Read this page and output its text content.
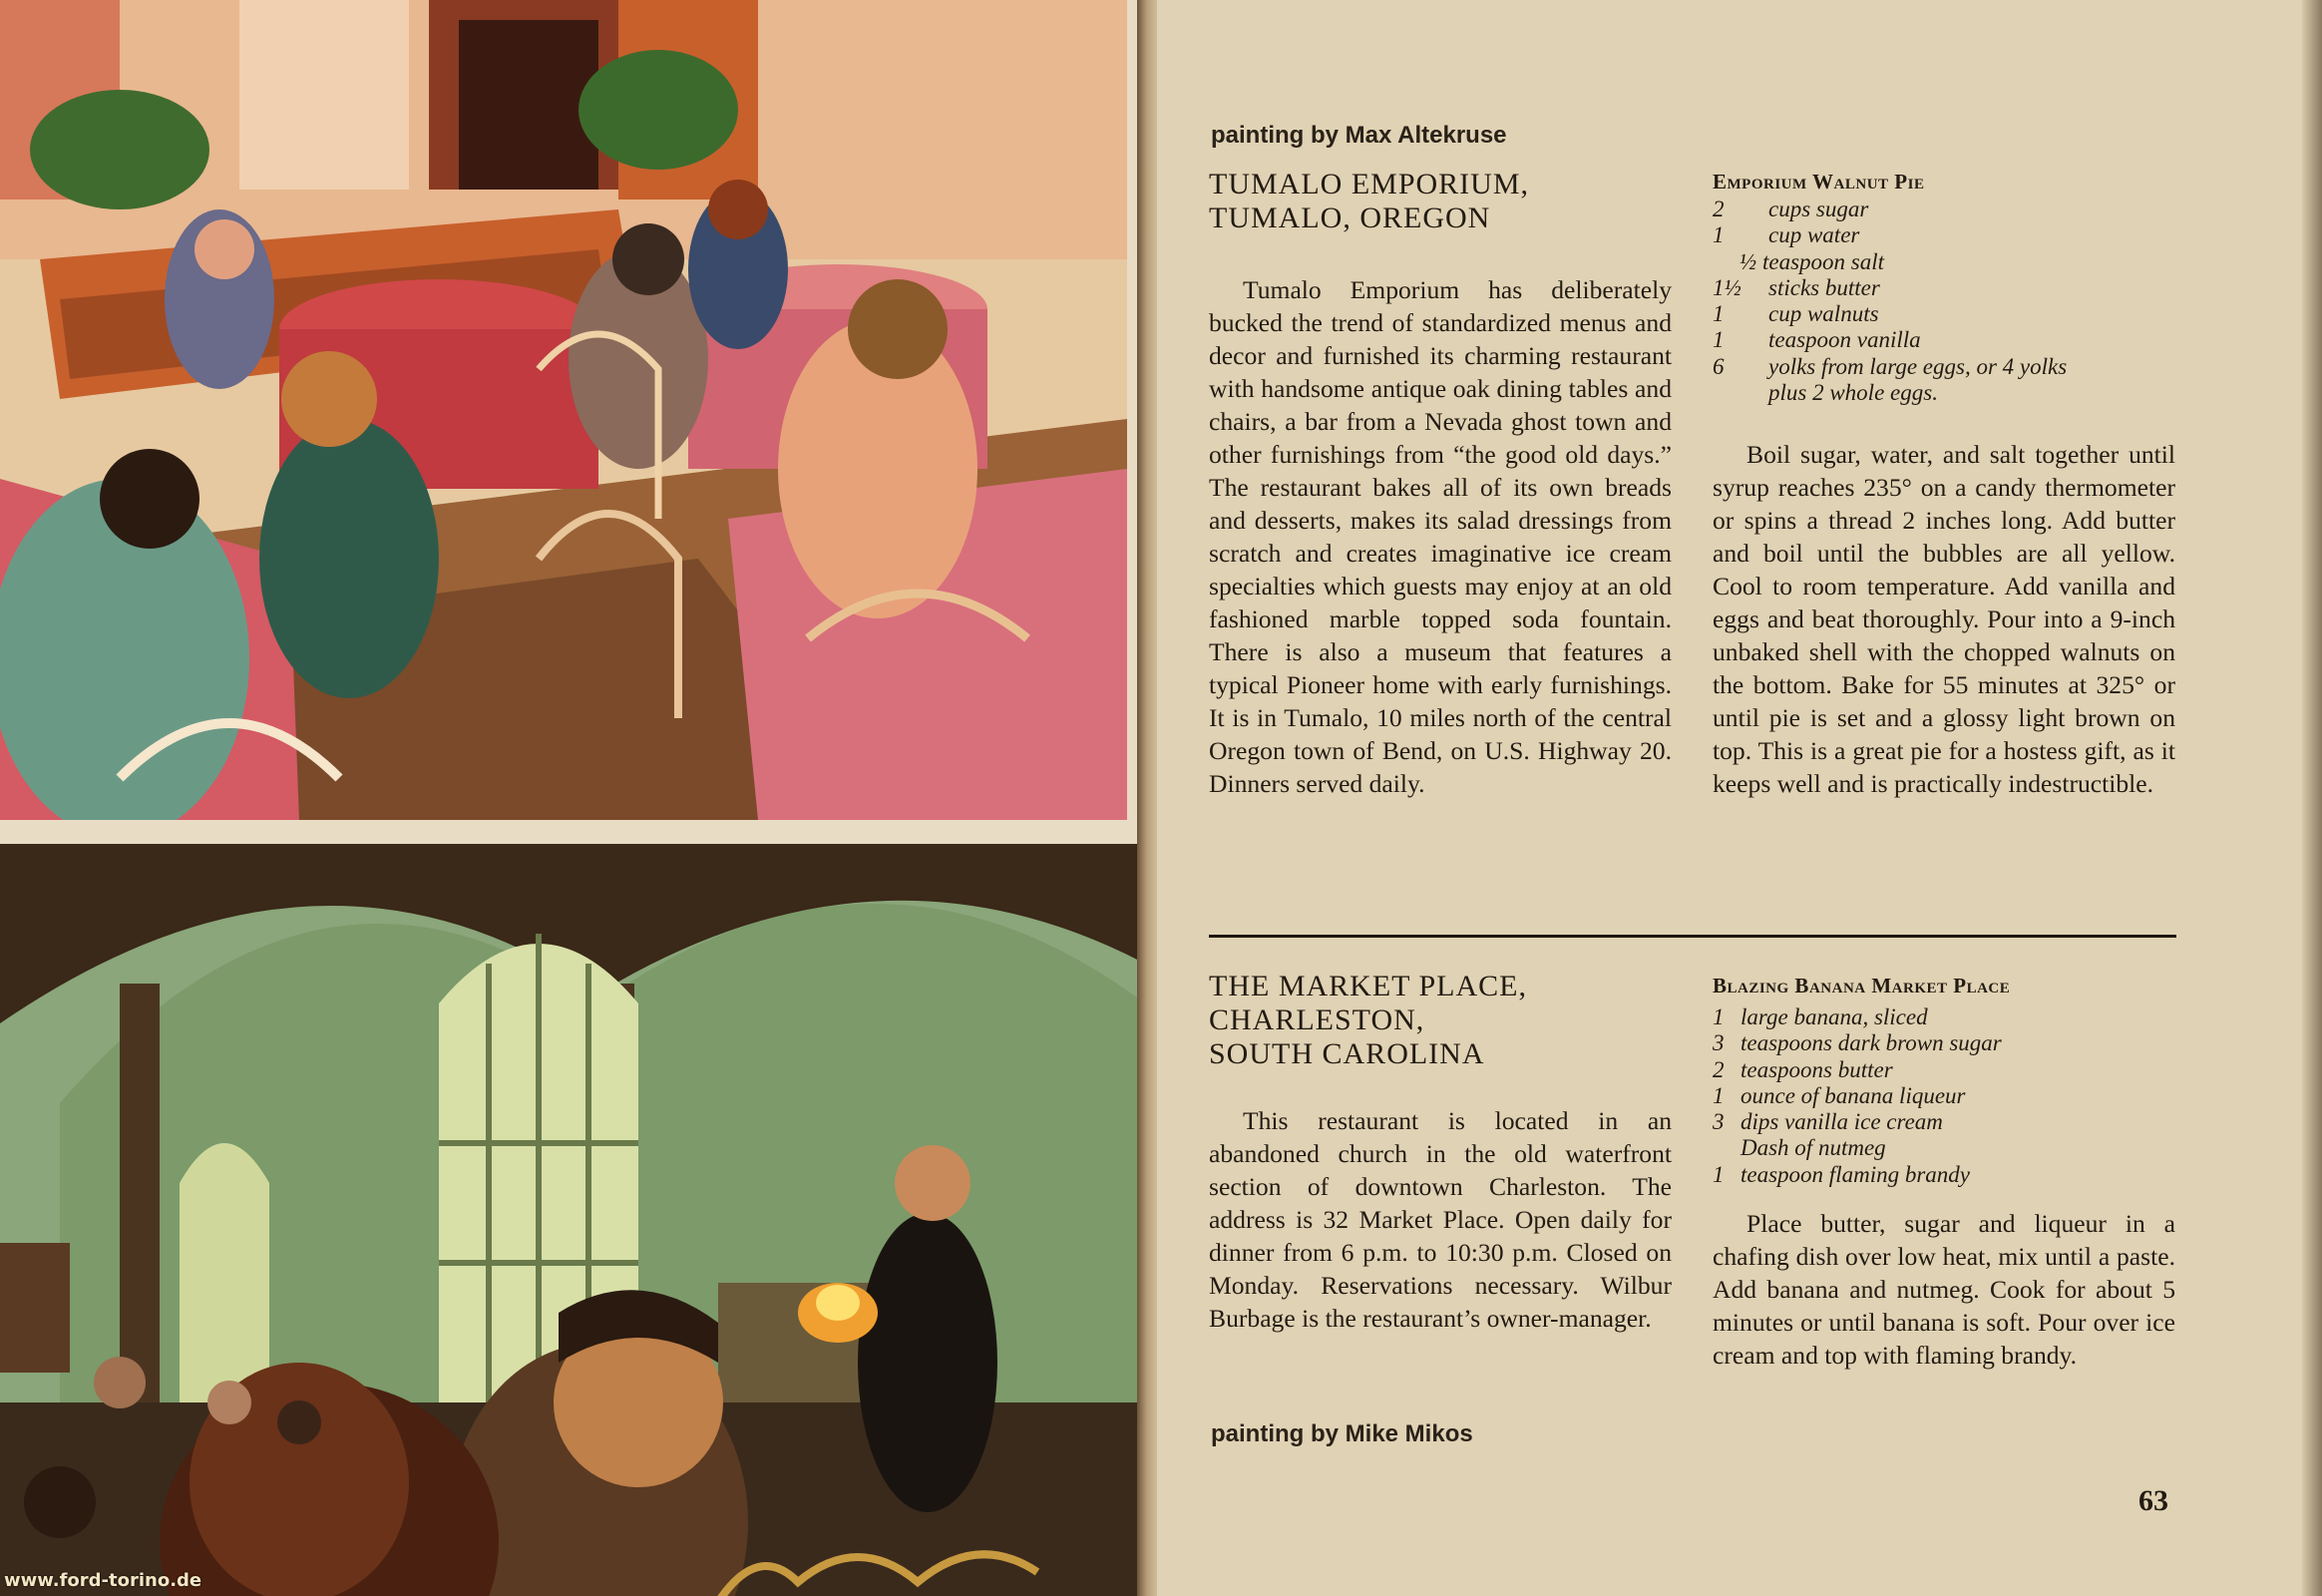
www.ford-torino.de
painting by Max Altekruse
TUMALO EMPORIUM,
TUMALO, OREGON

Tumalo Emporium has deliberately bucked the trend of standardized menus and decor and furnished its charming restaurant with handsome antique oak dining tables and chairs, a bar from a Nevada ghost town and other furnishings from “the good old days.” The restaurant bakes all of its own breads and desserts, makes its salad dressings from scratch and creates imaginative ice cream specialties which guests may enjoy at an old fashioned marble topped soda fountain. There is also a museum that features a typical Pioneer home with early furnishings. It is in Tumalo, 10 miles north of the central Oregon town of Bend, on U.S. Highway 20. Dinners served daily.

Emporium Walnut Pie
2 cups sugar
1 cup water
½ teaspoon salt
1½ sticks butter
1 cup walnuts
1 teaspoon vanilla
6 yolks from large eggs, or 4 yolks
plus 2 whole eggs.

Boil sugar, water, and salt together until syrup reaches 235° on a candy thermometer or spins a thread 2 inches long. Add butter and boil until the bubbles are all yellow. Cool to room temperature. Add vanilla and eggs and beat thoroughly. Pour into a 9-inch unbaked shell with the chopped walnuts on the bottom. Bake for 55 minutes at 325° or until pie is set and a glossy light brown on top. This is a great pie for a hostess gift, as it keeps well and is practically indestructible.

THE MARKET PLACE,
CHARLESTON,
SOUTH CAROLINA

This restaurant is located in an abandoned church in the old waterfront section of downtown Charleston. The address is 32 Market Place. Open daily for dinner from 6 p.m. to 10:30 p.m. Closed on Monday. Reservations necessary. Wilbur Burbage is the restaurant’s owner-manager.

painting by Mike Mikos
Blazing Banana Market Place
1 large banana, sliced
3 teaspoons dark brown sugar
2 teaspoons butter
1 ounce of banana liqueur
3 dips vanilla ice cream
Dash of nutmeg
1 teaspoon flaming brandy

Place butter, sugar and liqueur in a chafing dish over low heat, mix until a paste. Add banana and nutmeg. Cook for about 5 minutes or until banana is soft. Pour over ice cream and top with flaming brandy.

63
